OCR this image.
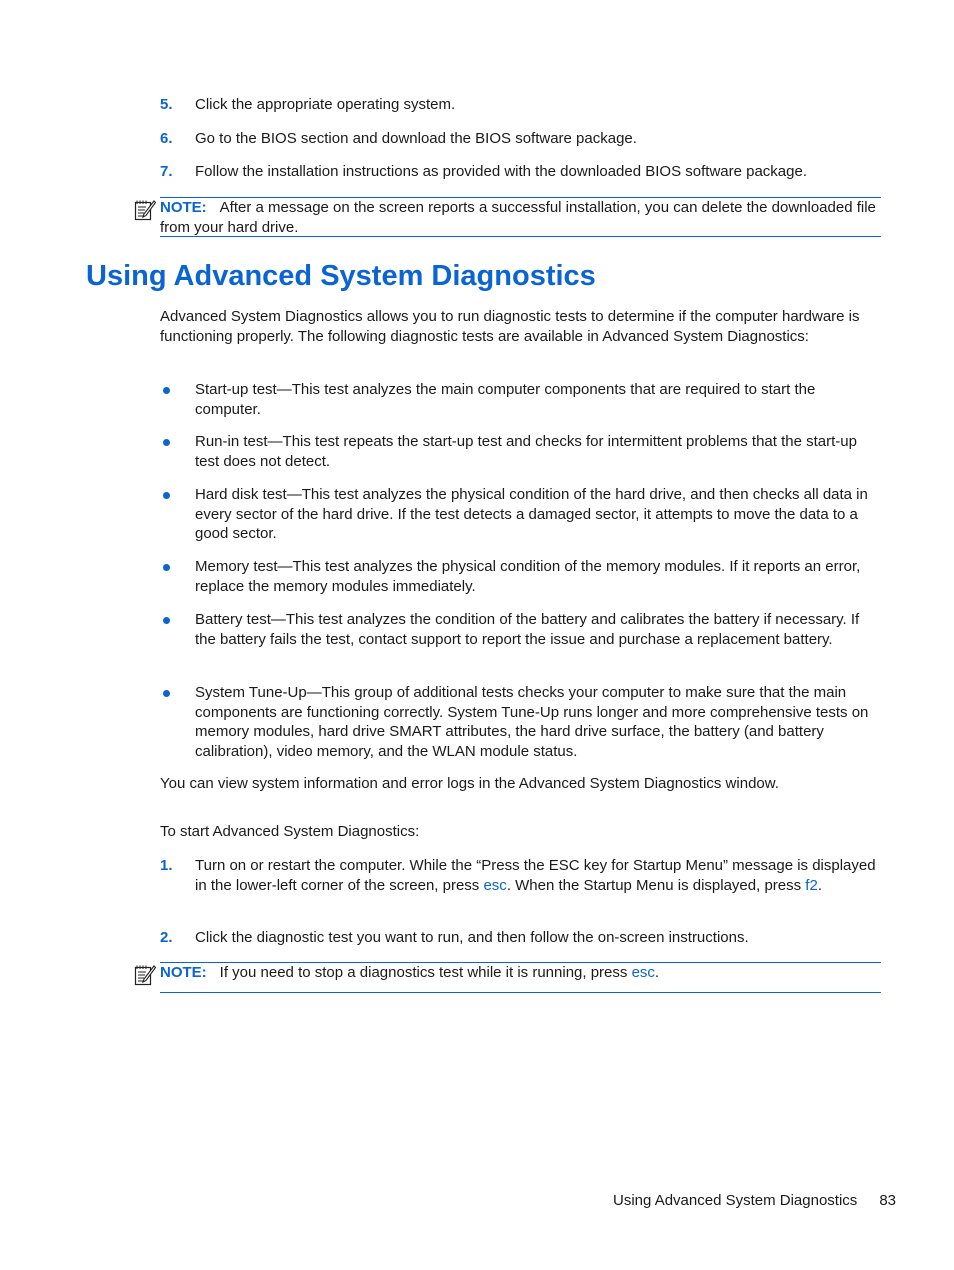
5. Click the appropriate operating system.
6. Go to the BIOS section and download the BIOS software package.
7. Follow the installation instructions as provided with the downloaded BIOS software package.
NOTE: After a message on the screen reports a successful installation, you can delete the downloaded file from your hard drive.
Using Advanced System Diagnostics

Advanced System Diagnostics allows you to run diagnostic tests to determine if the computer hardware is functioning properly. The following diagnostic tests are available in Advanced System Diagnostics:

Start-up test—This test analyzes the main computer components that are required to start the computer.
Run-in test—This test repeats the start-up test and checks for intermittent problems that the start-up test does not detect.
Hard disk test—This test analyzes the physical condition of the hard drive, and then checks all data in every sector of the hard drive. If the test detects a damaged sector, it attempts to move the data to a good sector.
Memory test—This test analyzes the physical condition of the memory modules. If it reports an error, replace the memory modules immediately.
Battery test—This test analyzes the condition of the battery and calibrates the battery if necessary. If the battery fails the test, contact support to report the issue and purchase a replacement battery.
System Tune-Up—This group of additional tests checks your computer to make sure that the main components are functioning correctly. System Tune-Up runs longer and more comprehensive tests on memory modules, hard drive SMART attributes, the hard drive surface, the battery (and battery calibration), video memory, and the WLAN module status.

You can view system information and error logs in the Advanced System Diagnostics window.

To start Advanced System Diagnostics:

1. Turn on or restart the computer. While the “Press the ESC key for Startup Menu” message is displayed in the lower-left corner of the screen, press esc. When the Startup Menu is displayed, press f2.
2. Click the diagnostic test you want to run, and then follow the on-screen instructions.
NOTE: If you need to stop a diagnostics test while it is running, press esc.
Using Advanced System Diagnostics 83
